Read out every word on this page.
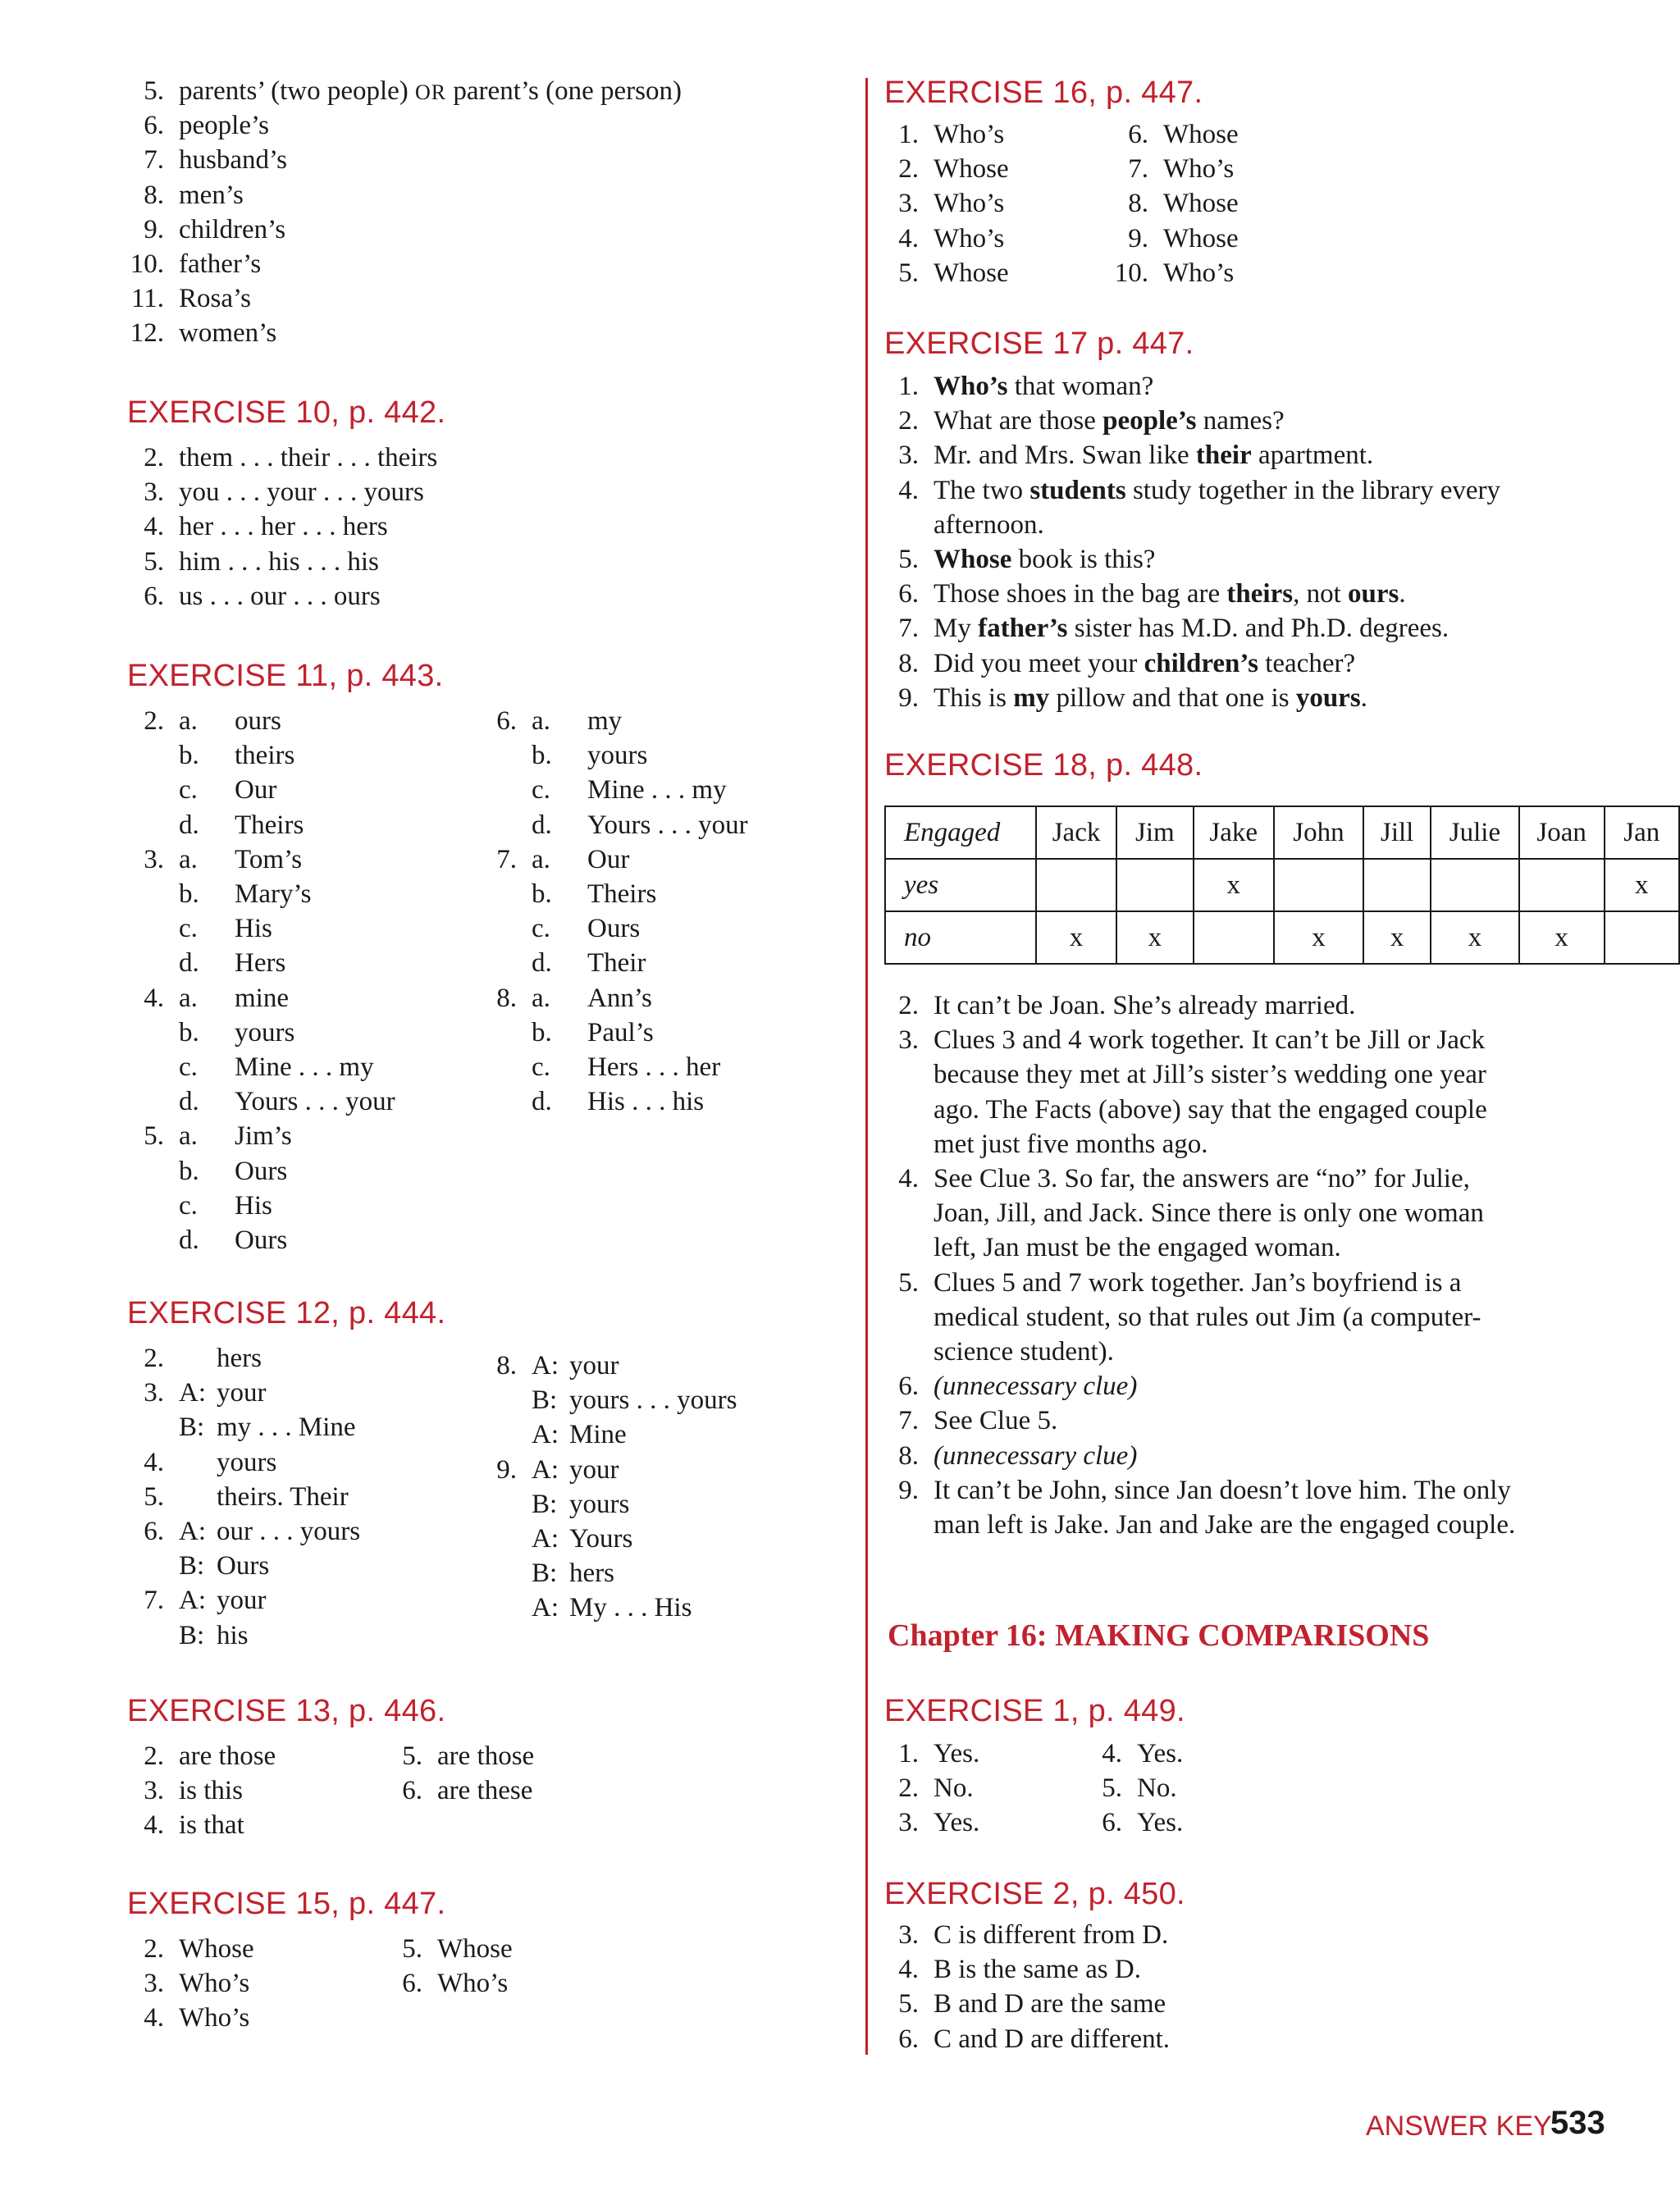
5. parents’ (two people) OR parent’s (one person)
6. people’s
7. husband’s
8. men’s
9. children’s
10. father’s
11. Rosa’s
12. women’s
EXERCISE 10, p. 442.
2. them . . . their . . . theirs
3. you . . . your . . . yours
4. her . . . her . . . hers
5. him . . . his . . . his
6. us . . . our . . . ours
EXERCISE 11, p. 443.
2. a. ours
b. theirs
c. Our
d. Theirs
3. a. Tom’s
b. Mary’s
c. His
d. Hers
4. a. mine
b. yours
c. Mine . . . my
d. Yours . . . your
5. a. Jim’s
b. Ours
c. His
d. Ours
6. a. my
b. yours
c. Mine . . . my
d. Yours . . . your
7. a. Our
b. Theirs
c. Ours
d. Their
8. a. Ann’s
b. Paul’s
c. Hers . . . her
d. His . . . his
EXERCISE 12, p. 444.
2. hers
3. A: your
B: my . . . Mine
4. yours
5. theirs. Their
6. A: our . . . yours
B: Ours
7. A: your
B: his
8. A: your
B: yours . . . yours
A: Mine
9. A: your
B: yours
A: Yours
B: hers
A: My . . . His
EXERCISE 13, p. 446.
2. are those
3. is this
4. is that
5. are those
6. are these
EXERCISE 15, p. 447.
2. Whose
3. Who’s
4. Who’s
5. Whose
6. Who’s
EXERCISE 16, p. 447.
1. Who’s
2. Whose
3. Who’s
4. Who’s
5. Whose
6. Whose
7. Who’s
8. Whose
9. Whose
10. Who’s
EXERCISE 17 p. 447.
1. Who’s that woman?
2. What are those people’s names?
3. Mr. and Mrs. Swan like their apartment.
4. The two students study together in the library every
afternoon.
5. Whose book is this?
6. Those shoes in the bag are theirs, not ours.
7. My father’s sister has M.D. and Ph.D. degrees.
8. Did you meet your children’s teacher?
9. This is my pillow and that one is yours.
EXERCISE 18, p. 448.
Engaged	Jack	Jim	Jake	John	Jill	Julie	Joan	Jan
yes			x					x
no	x	x		x	x	x	x	
2. It can’t be Joan. She’s already married.
3. Clues 3 and 4 work together. It can’t be Jill or Jack
because they met at Jill’s sister’s wedding one year
ago. The Facts (above) say that the engaged couple
met just five months ago.
4. See Clue 3. So far, the answers are “no” for Julie,
Joan, Jill, and Jack. Since there is only one woman
left, Jan must be the engaged woman.
5. Clues 5 and 7 work together. Jan’s boyfriend is a
medical student, so that rules out Jim (a computer-
science student).
6. (unnecessary clue)
7. See Clue 5.
8. (unnecessary clue)
9. It can’t be John, since Jan doesn’t love him. The only
man left is Jake. Jan and Jake are the engaged couple.
Chapter 16: MAKING COMPARISONS
EXERCISE 1, p. 449.
1. Yes.
2. No.
3. Yes.
4. Yes.
5. No.
6. Yes.
EXERCISE 2, p. 450.
3. C is different from D.
4. B is the same as D.
5. B and D are the same
6. C and D are different.
ANSWER KEY
533
